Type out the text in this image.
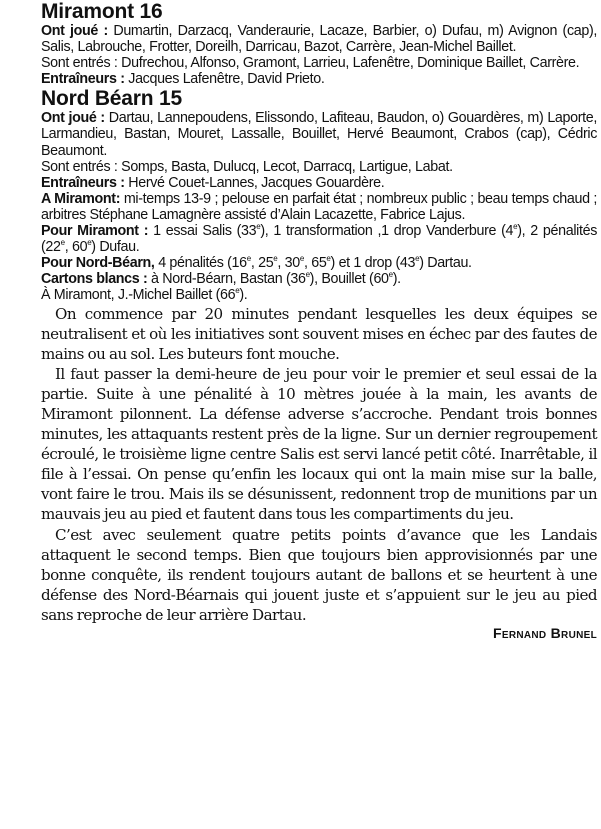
Miramont 16

Ont joué : Dumartin, Darzacq, Vanderaurie, Lacaze, Barbier, o) Dufau, m) Avignon (cap), Salis, Labrouche, Frotter, Doreilh, Darricau, Bazot, Carrère, Jean-Michel Baillet.

Sont entrés : Dufrechou, Alfonso, Gramont, Larrieu, Lafenêtre, Dominique Baillet, Carrère.

Entraîneurs : Jacques Lafenêtre, David Prieto.

Nord Béarn 15

Ont joué : Dartau, Lannepoudens, Elissondo, Lafiteau, Baudon, o) Gouardères, m) Laporte, Larmandieu, Bastan, Mouret, Lassalle, Bouillet, Hervé Beaumont, Crabos (cap), Cédric Beaumont.

Sont entrés : Somps, Basta, Dulucq, Lecot, Darracq, Lartigue, Labat.

Entraîneurs : Hervé Couet-Lannes, Jacques Gouardère.

A Miramont: mi-temps 13-9 ; pelouse en parfait état ; nombreux public ; beau temps chaud ; arbitres Stéphane Lamagnère assisté d’Alain Lacazette, Fabrice Lajus.

Pour Miramont : 1 essai Salis (33e), 1 transformation ,1 drop Vanderbure (4e), 2 pénalités (22e, 60e) Dufau.

Pour Nord-Béarn, 4 pénalités (16e, 25e, 30e, 65e) et 1 drop (43e) Dartau.

Cartons blancs : à Nord-Béarn, Bastan (36e), Bouillet (60e).

À Miramont, J.-Michel Baillet (66e).

On commence par 20 minutes pendant lesquelles les deux équipes se neutralisent et où les initiatives sont souvent mises en échec par des fautes de mains ou au sol. Les buteurs font mouche.

Il faut passer la demi-heure de jeu pour voir le premier et seul essai de la partie. Suite à une pénalité à 10 mètres jouée à la main, les avants de Miramont pilonnent. La défense adverse s’accroche. Pendant trois bonnes minutes, les attaquants restent près de la ligne. Sur un dernier regroupement écroulé, le troisième ligne centre Salis est servi lancé petit côté. Inarrêtable, il file à l’essai. On pense qu’enfin les locaux qui ont la main mise sur la balle, vont faire le trou. Mais ils se désunissent, redonnent trop de munitions par un mauvais jeu au pied et fautent dans tous les compartiments du jeu.

C’est avec seulement quatre petits points d’avance que les Landais attaquent le second temps. Bien que toujours bien approvisionnés par une bonne conquête, ils rendent toujours autant de ballons et se heurtent à une défense des Nord-Béarnais qui jouent juste et s’appuient sur le jeu au pied sans reproche de leur arrière Dartau.

Fernand Brunel
